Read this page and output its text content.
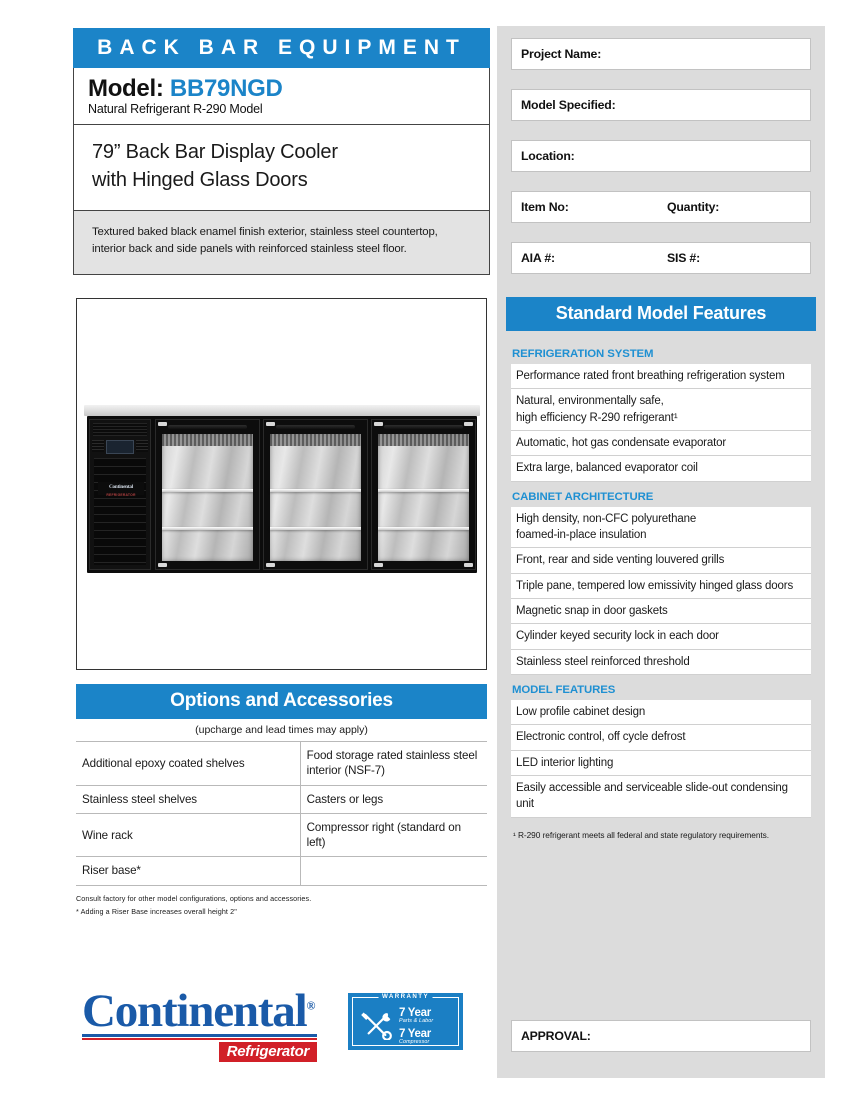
BACK BAR EQUIPMENT
Model: BB79NGD
Natural Refrigerant R-290 Model
79” Back Bar Display Cooler
with Hinged Glass Doors
Textured baked black enamel finish exterior, stainless steel countertop, interior back and side panels with reinforced stainless steel floor.
Continental
REFRIGERATOR
Options and Accessories
(upcharge and lead times may apply)
Additional epoxy coated shelves	Food storage rated stainless steel interior (NSF-7)
Stainless steel shelves	Casters or legs
Wine rack	Compressor right (standard on left)
Riser base*	
Consult factory for other model configurations, options and accessories.
* Adding a Riser Base increases overall height 2"
Continental®
Refrigerator
WARRANTY
7 Year
Parts & Labor
7 Year
Compressor
Project Name:
Model Specified:
Location:
Item No:	Quantity:
AIA #:	SIS #:
Standard Model Features
REFRIGERATION SYSTEM
Performance rated front breathing refrigeration system
Natural, environmentally safe,
high efficiency R-290 refrigerant¹
Automatic, hot gas condensate evaporator
Extra large, balanced evaporator coil
CABINET ARCHITECTURE
High density, non-CFC polyurethane
foamed-in-place insulation
Front, rear and side venting louvered grills
Triple pane, tempered low emissivity hinged glass doors
Magnetic snap in door gaskets
Cylinder keyed security lock in each door
Stainless steel reinforced threshold
MODEL FEATURES
Low profile cabinet design
Electronic control, off cycle defrost
LED interior lighting
Easily accessible and serviceable slide-out condensing unit
¹ R-290 refrigerant meets all federal and state regulatory requirements.
APPROVAL:
